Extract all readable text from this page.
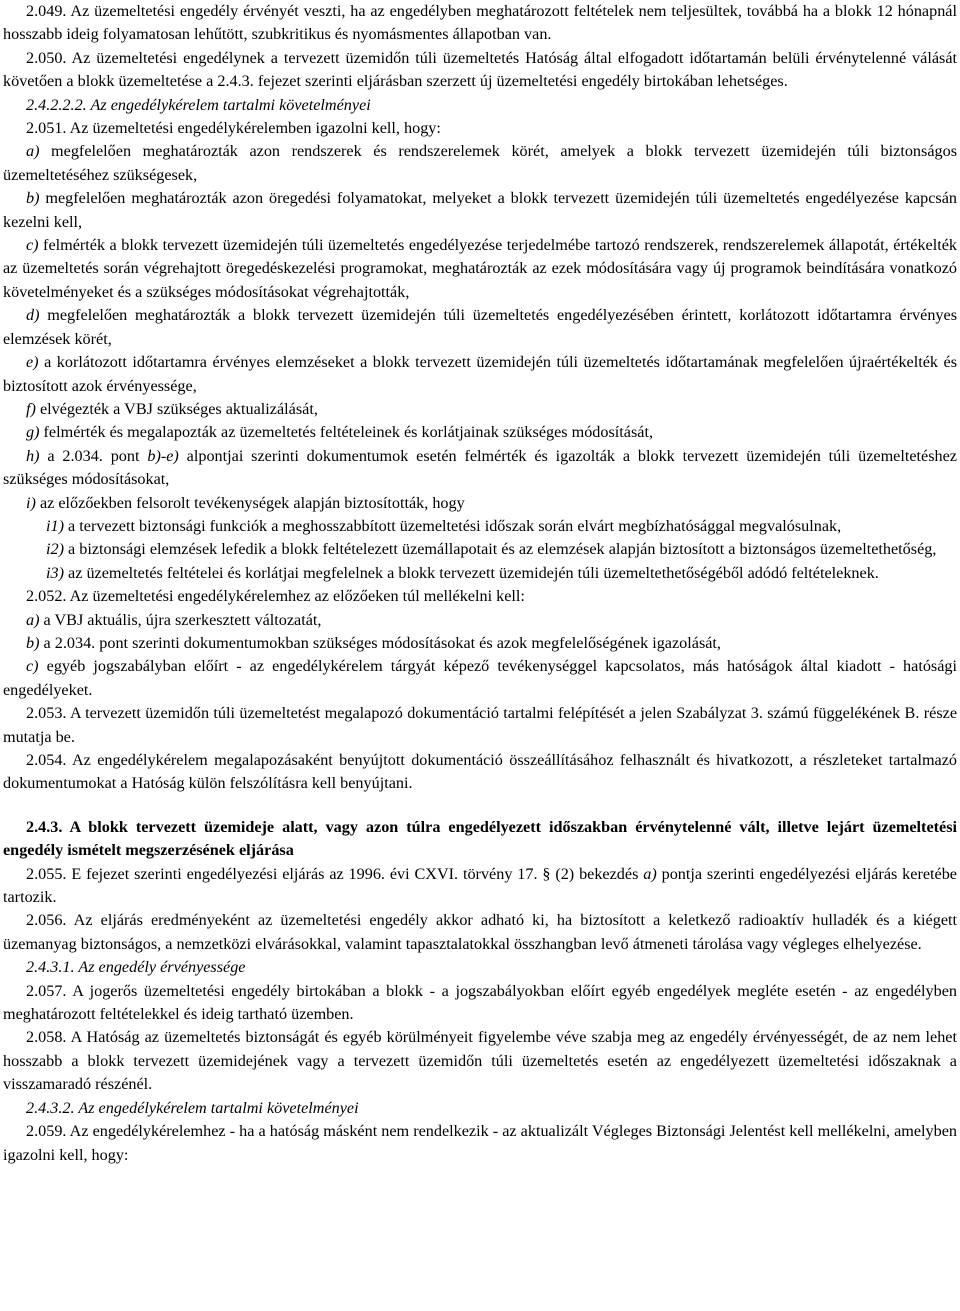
2.049. Az üzemeltetési engedély érvényét veszti, ha az engedélyben meghatározott feltételek nem teljesültek, továbbá ha a blokk 12 hónapnál hosszabb ideig folyamatosan lehűtött, szubkritikus és nyomásmentes állapotban van.

2.050. Az üzemeltetési engedélynek a tervezett üzemidőn túli üzemeltetés Hatóság által elfogadott időtartamán belüli érvénytelenné válását követően a blokk üzemeltetése a 2.4.3. fejezet szerinti eljárásban szerzett új üzemeltetési engedély birtokában lehetséges.

2.4.2.2.2. Az engedélykérelem tartalmi követelményei

2.051. Az üzemeltetési engedélykérelemben igazolni kell, hogy:

a) megfelelően meghatározták azon rendszerek és rendszerelemek körét, amelyek a blokk tervezett üzemidején túli biztonságos üzemeltetéséhez szükségesek,

b) megfelelően meghatározták azon öregedési folyamatokat, melyeket a blokk tervezett üzemidején túli üzemeltetés engedélyezése kapcsán kezelni kell,

c) felmérték a blokk tervezett üzemidején túli üzemeltetés engedélyezése terjedelmébe tartozó rendszerek, rendszerelemek állapotát, értékelték az üzemeltetés során végrehajtott öregedéskezelési programokat, meghatározták az ezek módosítására vagy új programok beindítására vonatkozó követelményeket és a szükséges módosításokat végrehajtották,

d) megfelelően meghatározták a blokk tervezett üzemidején túli üzemeltetés engedélyezésében érintett, korlátozott időtartamra érvényes elemzések körét,

e) a korlátozott időtartamra érvényes elemzéseket a blokk tervezett üzemidején túli üzemeltetés időtartamának megfelelően újraértékelték és biztosított azok érvényessége,

f) elvégezték a VBJ szükséges aktualizálását,

g) felmérték és megalapozták az üzemeltetés feltételeinek és korlátjainak szükséges módosítását,

h) a 2.034. pont b)-e) alpontjai szerinti dokumentumok esetén felmérték és igazolták a blokk tervezett üzemidején túli üzemeltetéshez szükséges módosításokat,

i) az előzőekben felsorolt tevékenységek alapján biztosították, hogy

i1) a tervezett biztonsági funkciók a meghosszabbított üzemeltetési időszak során elvárt megbízhatósággal megvalósulnak,

i2) a biztonsági elemzések lefedik a blokk feltételezett üzemállapotait és az elemzések alapján biztosított a biztonságos üzemeltethetőség,

i3) az üzemeltetés feltételei és korlátjai megfelelnek a blokk tervezett üzemidején túli üzemeltethetőségéből adódó feltételeknek.

2.052. Az üzemeltetési engedélykérelemhez az előzőeken túl mellékelni kell:

a) a VBJ aktuális, újra szerkesztett változatát,

b) a 2.034. pont szerinti dokumentumokban szükséges módosításokat és azok megfelelőségének igazolását,

c) egyéb jogszabályban előírt - az engedélykérelem tárgyát képező tevékenységgel kapcsolatos, más hatóságok által kiadott - hatósági engedélyeket.

2.053. A tervezett üzemidőn túli üzemeltetést megalapozó dokumentáció tartalmi felépítését a jelen Szabályzat 3. számú függelékének B. része mutatja be.

2.054. Az engedélykérelem megalapozásaként benyújtott dokumentáció összeállításához felhasznált és hivatkozott, a részleteket tartalmazó dokumentumokat a Hatóság külön felszólításra kell benyújtani.

2.4.3. A blokk tervezett üzemideje alatt, vagy azon túlra engedélyezett időszakban érvénytelenné vált, illetve lejárt üzemeltetési engedély ismételt megszerzésének eljárása

2.055. E fejezet szerinti engedélyezési eljárás az 1996. évi CXVI. törvény 17. § (2) bekezdés a) pontja szerinti engedélyezési eljárás keretébe tartozik.

2.056. Az eljárás eredményeként az üzemeltetési engedély akkor adható ki, ha biztosított a keletkező radioaktív hulladék és a kiégett üzemanyag biztonságos, a nemzetközi elvárásokkal, valamint tapasztalatokkal összhangban levő átmeneti tárolása vagy végleges elhelyezése.

2.4.3.1. Az engedély érvényessége

2.057. A jogerős üzemeltetési engedély birtokában a blokk - a jogszabályokban előírt egyéb engedélyek megléte esetén - az engedélyben meghatározott feltételekkel és ideig tartható üzemben.

2.058. A Hatóság az üzemeltetés biztonságát és egyéb körülményeit figyelembe véve szabja meg az engedély érvényességét, de az nem lehet hosszabb a blokk tervezett üzemidejének vagy a tervezett üzemidőn túli üzemeltetés esetén az engedélyezett üzemeltetési időszaknak a visszamaradó részénél.

2.4.3.2. Az engedélykérelem tartalmi követelményei

2.059. Az engedélykérelemhez - ha a hatóság másként nem rendelkezik - az aktualizált Végleges Biztonsági Jelentést kell mellékelni, amelyben igazolni kell, hogy:
